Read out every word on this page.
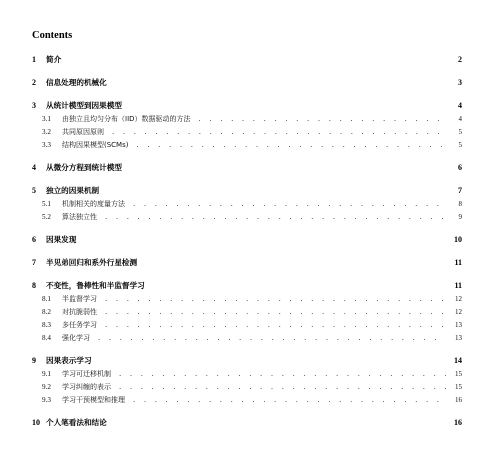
Contents
1	简介	2
2	信息处理的机械化	3
3	从统计模型到因果模型	4
3.1	由独立且均匀分布（IID）数据驱动的方法 . . .	4
3.2	共同原因原则 . . .	5
3.3	结构因果模型(SCMs) . . .	5
4	从微分方程到统计模型	6
5	独立的因果机制	7
5.1	机制相关的度量方法 . . .	8
5.2	算法独立性 . . .	9
6	因果发现	10
7	半见弟回归和系外行星检测	11
8	不变性，鲁棒性和半监督学习	11
8.1	半监督学习 . . .	12
8.2	对抗脆弱性 . . .	12
8.3	多任务学习 . . .	13
8.4	强化学习 . . .	13
9	因果表示学习	14
9.1	学习可迁移机制 . . .	15
9.2	学习纠缠的表示 . . .	15
9.3	学习干预模型和推理 . . .	16
10 个人笔看法和结论	16
